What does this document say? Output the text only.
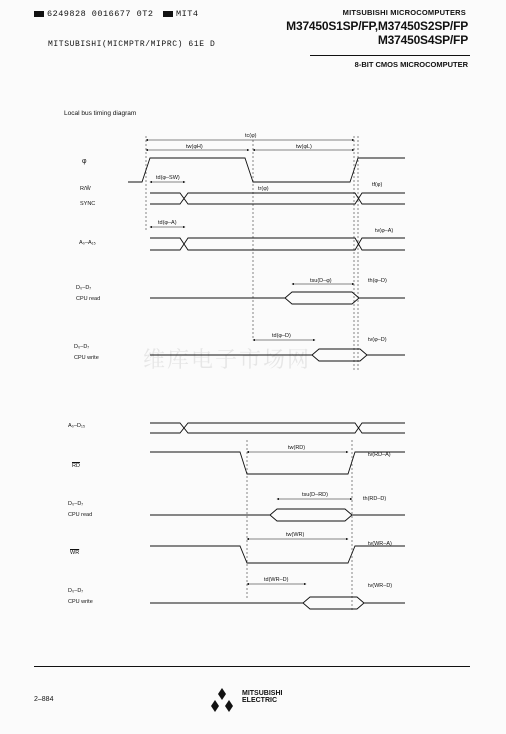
6249828 0016677 0T2	MIT4
MITSUBISHI(MICMPTR/MIPRC) 61E D
MITSUBISHI MICROCOMPUTERS
M37450S1SP/FP,M37450S2SP/FP
M37450S4SP/FP
8-BIT CMOS MICROCOMPUTER
Local bus timing diagram
维库电子市场网
φ
R/W̄
SYNC
A₀–A₁₅
D₀–D₇
CPU read
D₀–D₇
CPU write
A₀–D₁₅
$\overline{RD}$
D₀–D₇
CPU read
$\overline{WR}$
D₀–D₇
CPU write
tc(φ)
tw(φH)	tw(φL)
td(φ–SW)
tr(φ)
tf(φ)
td(φ–A)
tv(φ–A)
tsu(D–φ)	th(φ–D)
td(φ–D)
tv(φ–D)
tw(RD)
tv(RD–A)
tsu(D–RD)
th(RD–D)
tw(WR)
tv(WR–A)
td(WR–D)
tv(WR–D)
2–884
MITSUBISHI
ELECTRIC
